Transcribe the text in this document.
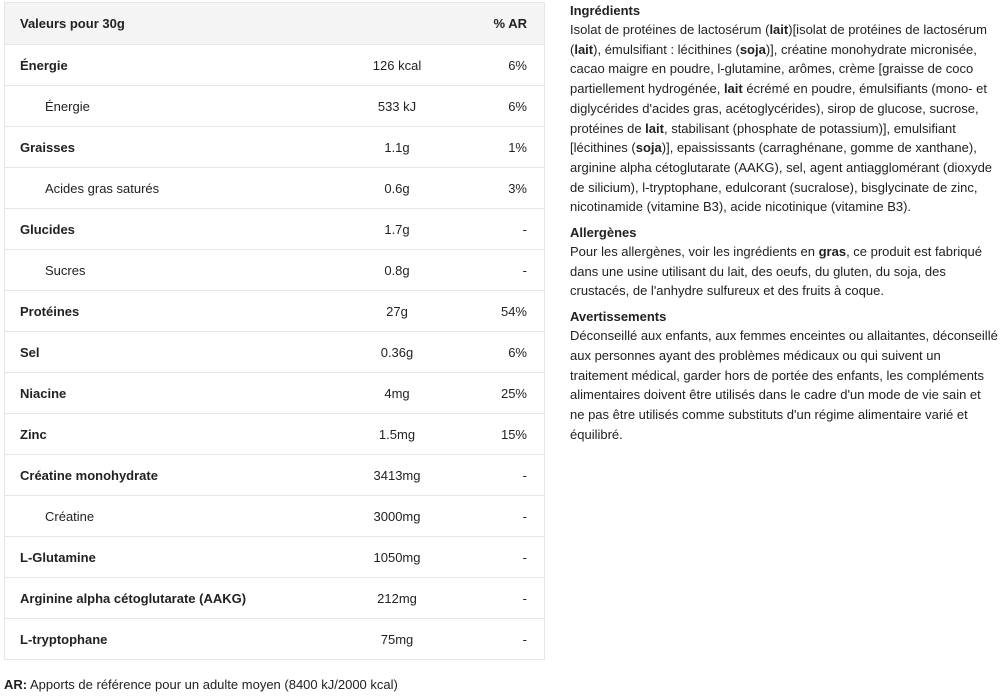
Valeurs pour 30g		% AR
Énergie	126 kcal	6%
Énergie	533 kJ	6%
Graisses	1.1g	1%
Acides gras saturés	0.6g	3%
Glucides	1.7g	-
Sucres	0.8g	-
Protéines	27g	54%
Sel	0.36g	6%
Niacine	4mg	25%
Zinc	1.5mg	15%
Créatine monohydrate	3413mg	-
Créatine	3000mg	-
L-Glutamine	1050mg	-
Arginine alpha cétoglutarate (AAKG)	212mg	-
L-tryptophane	75mg	-
AR: Apports de référence pour un adulte moyen (8400 kJ/2000 kcal)
Ingrédients

Isolat de protéines de lactosérum (lait)[isolat de protéines de lactosérum (lait), émulsifiant : lécithines (soja)], créatine monohydrate micronisée, cacao maigre en poudre, l-glutamine, arômes, crème [graisse de coco partiellement hydrogénée, lait écrémé en poudre, émulsifiants (mono- et diglycérides d'acides gras, acétoglycérides), sirop de glucose, sucrose, protéines de lait, stabilisant (phosphate de potassium)], emulsifiant [lécithines (soja)], epaississants (carraghénane, gomme de xanthane), arginine alpha cétoglutarate (AAKG), sel, agent antiagglomérant (dioxyde de silicium), l-tryptophane, edulcorant (sucralose), bisglycinate de zinc, nicotinamide (vitamine B3), acide nicotinique (vitamine B3).

Allergènes

Pour les allergènes, voir les ingrédients en gras, ce produit est fabriqué dans une usine utilisant du lait, des oeufs, du gluten, du soja, des crustacés, de l'anhydre sulfureux et des fruits à coque.

Avertissements

Déconseillé aux enfants, aux femmes enceintes ou allaitantes, déconseillé aux personnes ayant des problèmes médicaux ou qui suivent un traitement médical, garder hors de portée des enfants, les compléments alimentaires doivent être utilisés dans le cadre d'un mode de vie sain et ne pas être utilisés comme substituts d'un régime alimentaire varié et équilibré.
